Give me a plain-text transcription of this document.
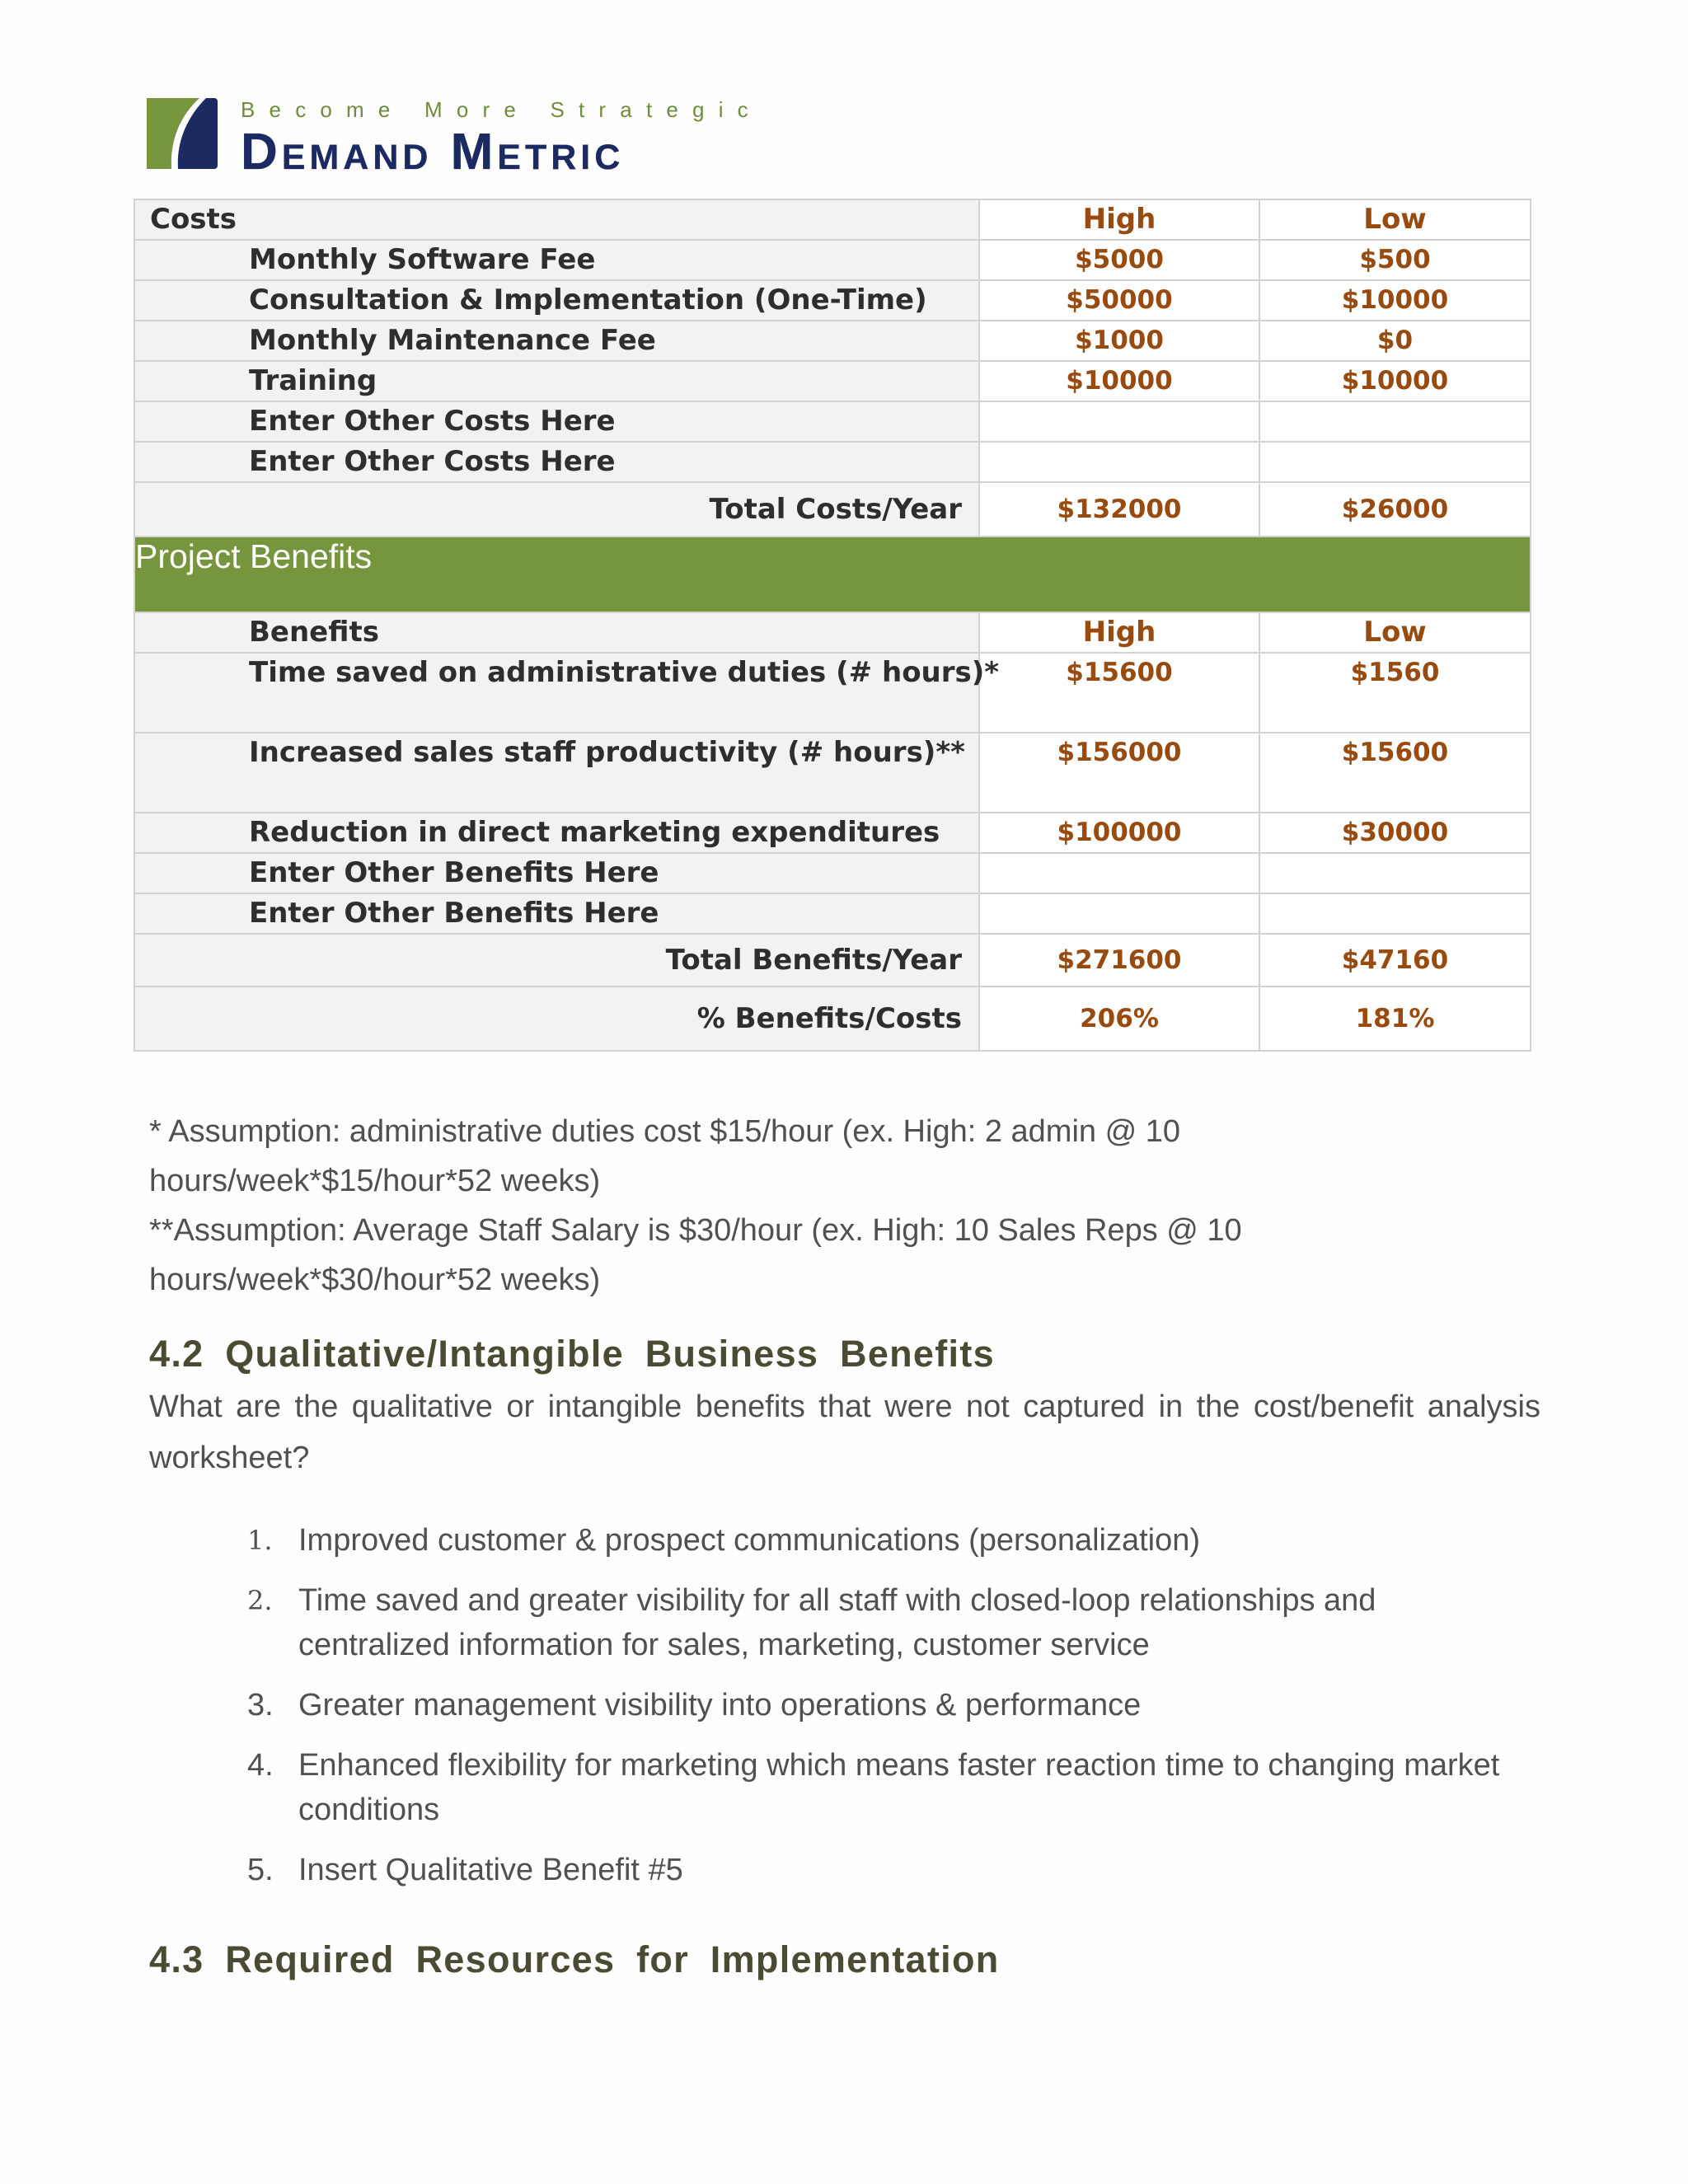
Become More Strategic
Demand Metric
Costs	High	Low

Monthly Software Fee	$5000	$500

Consultation & Implementation (One-Time)	$50000	$10000

Monthly Maintenance Fee	$1000	$0

Training	$10000	$10000

Enter Other Costs Here		

Enter Other Costs Here		

Total Costs/Year	$132000	$26000
Project Benefits		

Benefits	High	Low

Time saved on administrative duties (# hours)*	$15600	$1560

Increased sales staff productivity (# hours)**	$156000	$15600

Reduction in direct marketing expenditures	$100000	$30000

Enter Other Benefits Here		

Enter Other Benefits Here		

Total Benefits/Year	$271600	$47160

% Benefits/Costs	206%	181%
* Assumption: administrative duties cost $15/hour (ex. High: 2 admin @ 10 hours/week*$15/hour*52 weeks)
**Assumption: Average Staff Salary is $30/hour (ex. High: 10 Sales Reps @ 10 hours/week*$30/hour*52 weeks)
4.2 Qualitative/Intangible Business Benefits
What are the qualitative or intangible benefits that were not captured in the cost/benefit analysis worksheet?
1. Improved customer & prospect communications (personalization)
2. Time saved and greater visibility for all staff with closed-loop relationships and centralized information for sales, marketing, customer service
3. Greater management visibility into operations & performance
4. Enhanced flexibility for marketing which means faster reaction time to changing market conditions
5. Insert Qualitative Benefit #5
4.3 Required Resources for Implementation
